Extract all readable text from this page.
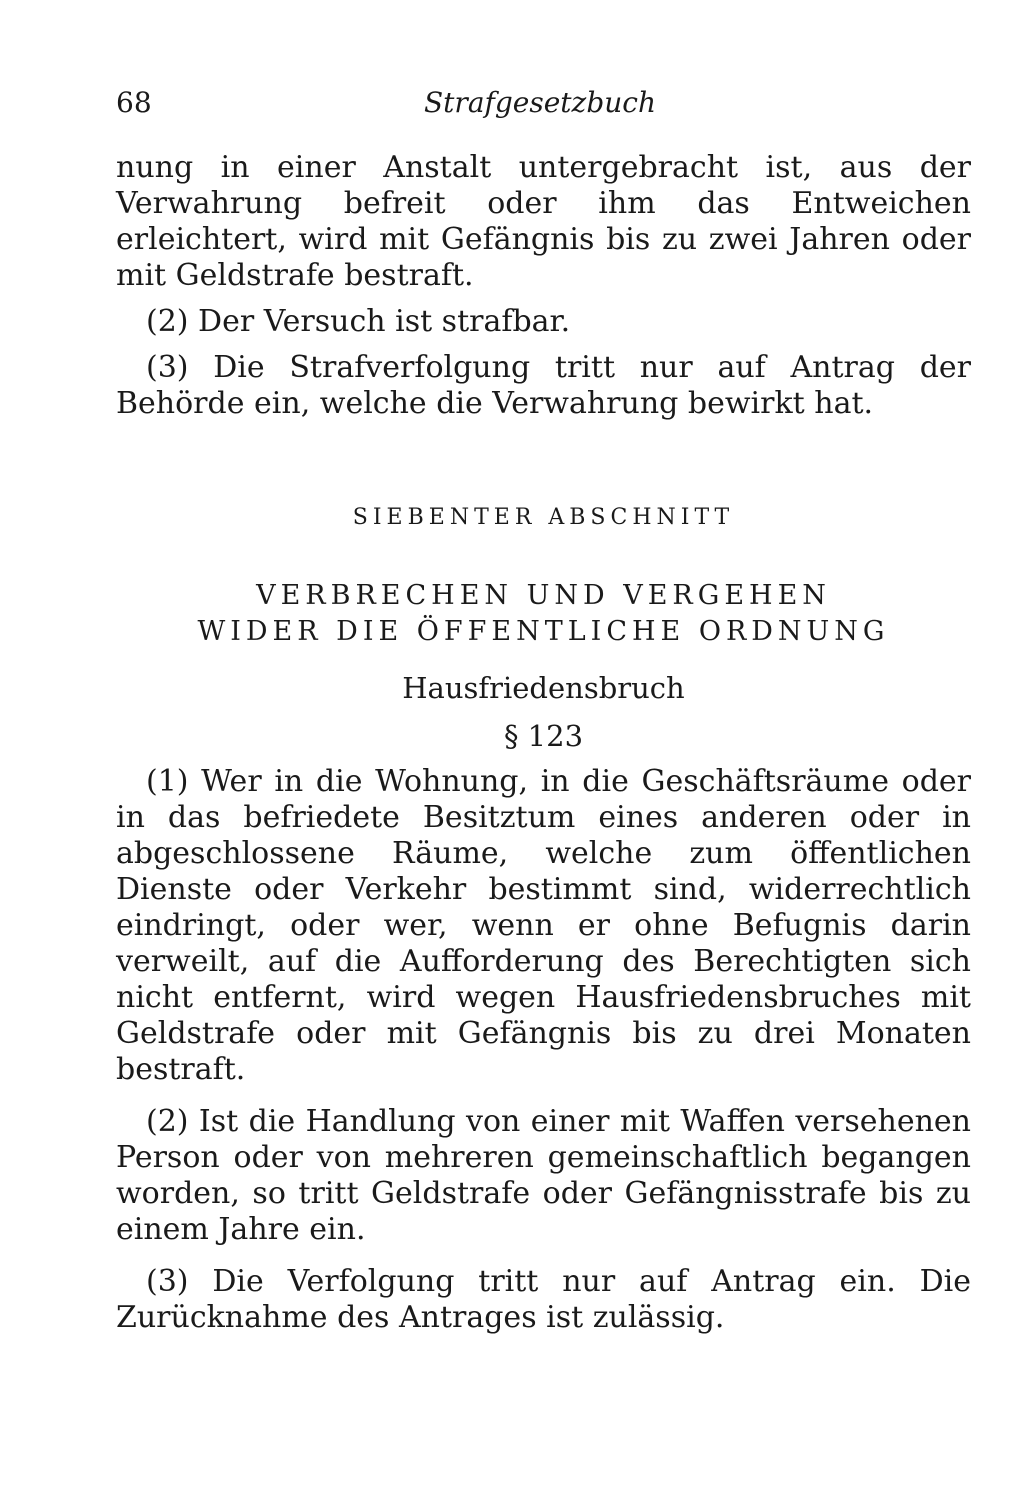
68	Strafgesetzbuch

nung in einer Anstalt untergebracht ist, aus der Verwahrung befreit oder ihm das Entweichen erleichtert, wird mit Gefängnis bis zu zwei Jahren oder mit Geldstrafe bestraft.

(2) Der Versuch ist strafbar.

(3) Die Strafverfolgung tritt nur auf Antrag der Behörde ein, welche die Verwahrung bewirkt hat.

SIEBENTER ABSCHNITT
VERBRECHEN UND VERGEHEN
WIDER DIE ÖFFENTLICHE ORDNUNG
Hausfriedensbruch
§ 123

(1) Wer in die Wohnung, in die Geschäftsräume oder in das befriedete Besitztum eines anderen oder in abgeschlossene Räume, welche zum öffentlichen Dienste oder Verkehr bestimmt sind, widerrechtlich eindringt, oder wer, wenn er ohne Befugnis darin verweilt, auf die Aufforderung des Berechtigten sich nicht entfernt, wird wegen Hausfriedensbruches mit Geldstrafe oder mit Gefängnis bis zu drei Monaten bestraft.

(2) Ist die Handlung von einer mit Waffen versehenen Person oder von mehreren gemeinschaftlich begangen worden, so tritt Geldstrafe oder Gefängnisstrafe bis zu einem Jahre ein.

(3) Die Verfolgung tritt nur auf Antrag ein. Die Zurücknahme des Antrages ist zulässig.
